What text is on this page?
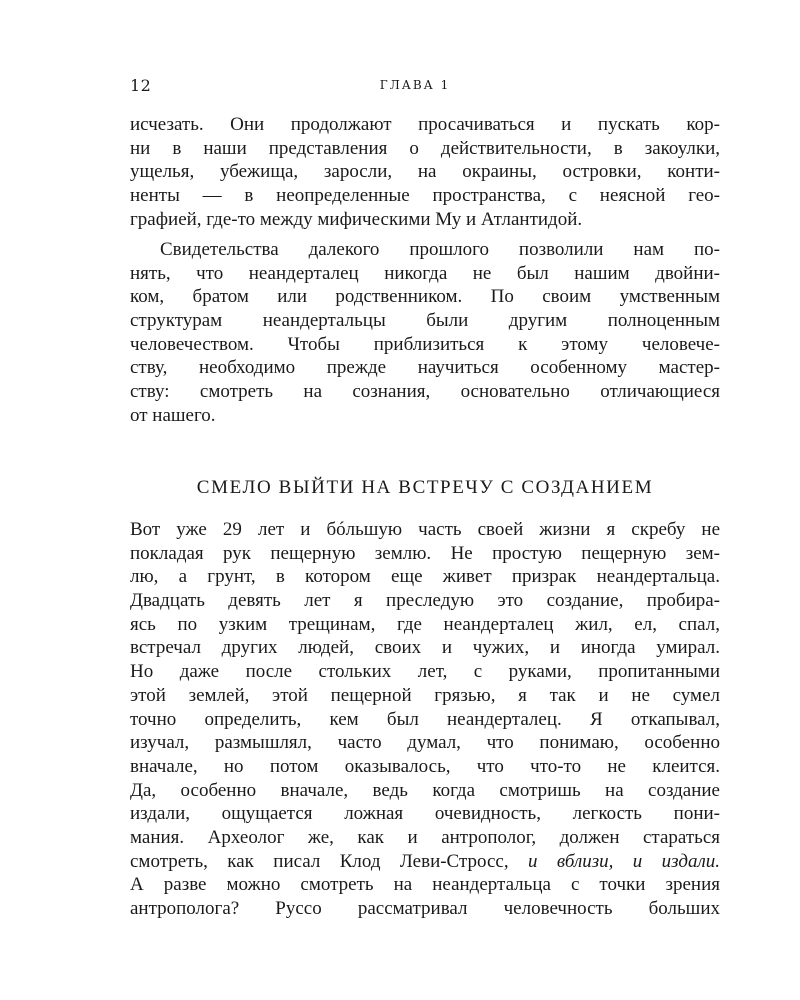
12	ГЛАВА 1
исчезать. Они продолжают просачиваться и пускать кор-
ни в наши представления о действительности, в закоулки,
ущелья, убежища, заросли, на окраины, островки, конти-
ненты — в неопределенные пространства, с неясной гео-
графией, где-то между мифическими Му и Атлантидой.
Свидетельства далекого прошлого позволили нам по-
нять, что неандерталец никогда не был нашим двойни-
ком, братом или родственником. По своим умственным
структурам неандертальцы были другим полноценным
человечеством. Чтобы приблизиться к этому человече-
ству, необходимо прежде научиться особенному мастер-
ству: смотреть на сознания, основательно отличающиеся
от нашего.
СМЕЛО ВЫЙТИ НА ВСТРЕЧУ С СОЗДАНИЕМ
Вот уже 29 лет и бóльшую часть своей жизни я скребу не
покладая рук пещерную землю. Не простую пещерную зем-
лю, а грунт, в котором еще живет призрак неандертальца.
Двадцать девять лет я преследую это создание, пробира-
ясь по узким трещинам, где неандерталец жил, ел, спал,
встречал других людей, своих и чужих, и иногда умирал.
Но даже после стольких лет, с руками, пропитанными
этой землей, этой пещерной грязью, я так и не сумел
точно определить, кем был неандерталец. Я откапывал,
изучал, размышлял, часто думал, что понимаю, особенно
вначале, но потом оказывалось, что что-то не клеится.
Да, особенно вначале, ведь когда смотришь на создание
издали, ощущается ложная очевидность, легкость пони-
мания. Археолог же, как и антрополог, должен стараться
смотреть, как писал Клод Леви-Стросс, и вблизи, и издали.
А разве можно смотреть на неандертальца с точки зрения
антрополога? Руссо рассматривал человечность больших
